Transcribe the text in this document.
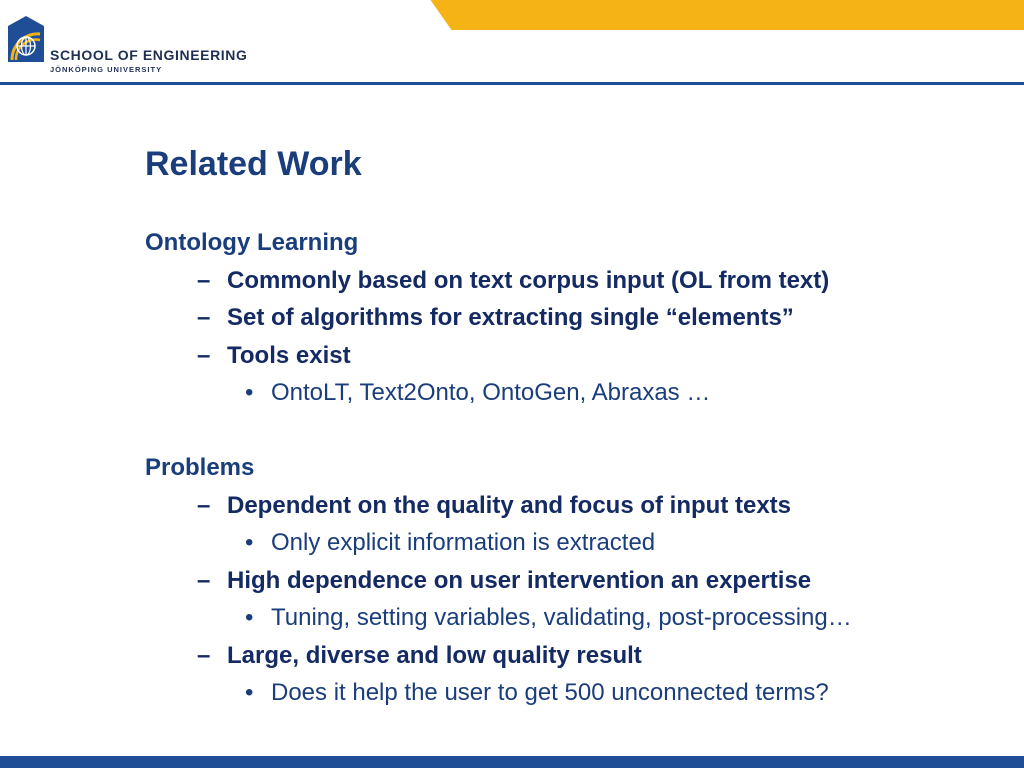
SCHOOL OF ENGINEERING
JÖNKÖPING UNIVERSITY
Related Work
Ontology Learning
– Commonly based on text corpus input (OL from text)
– Set of algorithms for extracting single “elements”
– Tools exist
• OntoLT, Text2Onto, OntoGen, Abraxas …
Problems
– Dependent on the quality and focus of input texts
• Only explicit information is extracted
– High dependence on user intervention an expertise
• Tuning, setting variables, validating, post-processing…
– Large, diverse and low quality result
• Does it help the user to get 500 unconnected terms?
